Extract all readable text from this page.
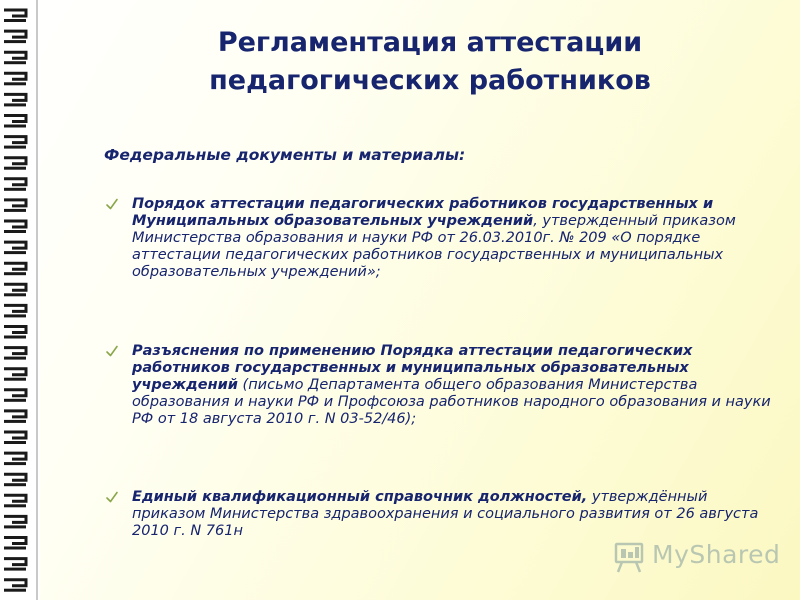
Регламентация аттестации
педагогических работников
Федеральные документы и материалы:
Порядок аттестации педагогических работников государственных и Муниципальных образовательных учреждений, утвержденный приказом Министерства образования и науки РФ от 26.03.2010г. № 209 «О порядке аттестации педагогических работников государственных и муниципальных образовательных учреждений»;
Разъяснения по применению Порядка аттестации педагогических работников государственных и муниципальных образовательных учреждений (письмо Департамента общего образования Министерства образования и науки РФ и Профсоюза работников народного образования и науки РФ от 18 августа 2010 г. N 03-52/46);
Единый квалификационный справочник должностей, утверждённый приказом Министерства здравоохранения и социального развития от 26 августа 2010 г. N 761н
MyShared
